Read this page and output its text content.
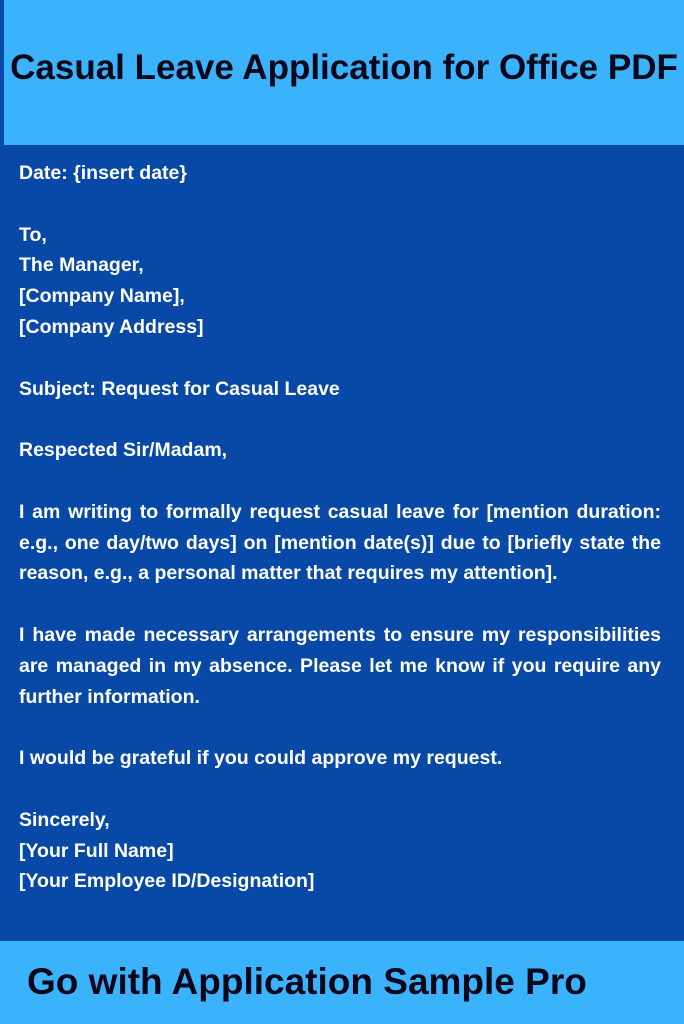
Casual Leave Application for Office PDF

Date: {insert date}

To,

The Manager,

[Company Name],

[Company Address]

Subject: Request for Casual Leave

Respected Sir/Madam,

I am writing to formally request casual leave for [mention duration: e.g., one day/two days] on [mention date(s)] due to [briefly state the reason, e.g., a personal matter that requires my attention].

I have made necessary arrangements to ensure my responsibilities are managed in my absence. Please let me know if you require any further information.

I would be grateful if you could approve my request.

Sincerely,

[Your Full Name]

[Your Employee ID/Designation]

Go with Application Sample Pro
